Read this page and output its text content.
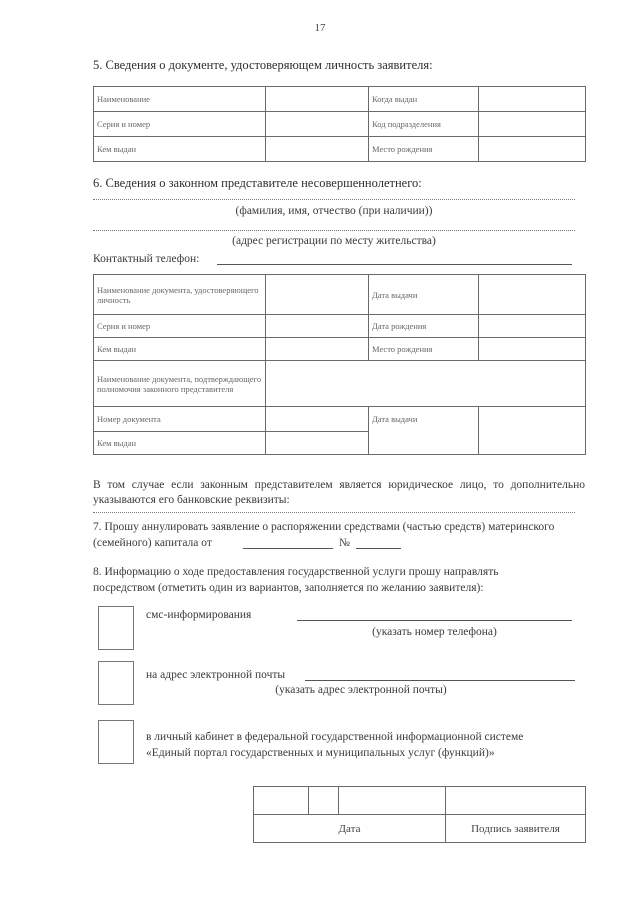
17
5. Сведения о документе, удостоверяющем личность заявителя:
Наименование		Когда выдан	
Серия и номер		Код подразделения	
Кем выдан		Место рождения	
6. Сведения о законном представителе несовершеннолетнего:
(фамилия, имя, отчество (при наличии))
(адрес регистрации по месту жительства)
Контактный телефон:
Наименование документа, удостоверяющего личность		Дата выдачи	
Серия и номер		Дата рождения	
Кем выдан		Место рождения	
Наименование документа, подтверждающего полномочия законного представителя			
Номер документа		Дата выдачи	
Кем выдан			
В том случае если законным представителем является юридическое лицо, то дополнительно указываются его банковские реквизиты:
7. Прошу аннулировать заявление о распоряжении средствами (частью средств) материнского
(семейного) капитала от	№
8. Информацию о ходе предоставления государственной услуги прошу направлять
посредством (отметить один из вариантов, заполняется по желанию заявителя):
смс-информирования
(указать номер телефона)
на адрес электронной почты
(указать адрес электронной почты)
в личный кабинет в федеральной государственной информационной системе
«Единый портал государственных и муниципальных услуг (функций)»

Дата			Подпись заявителя
